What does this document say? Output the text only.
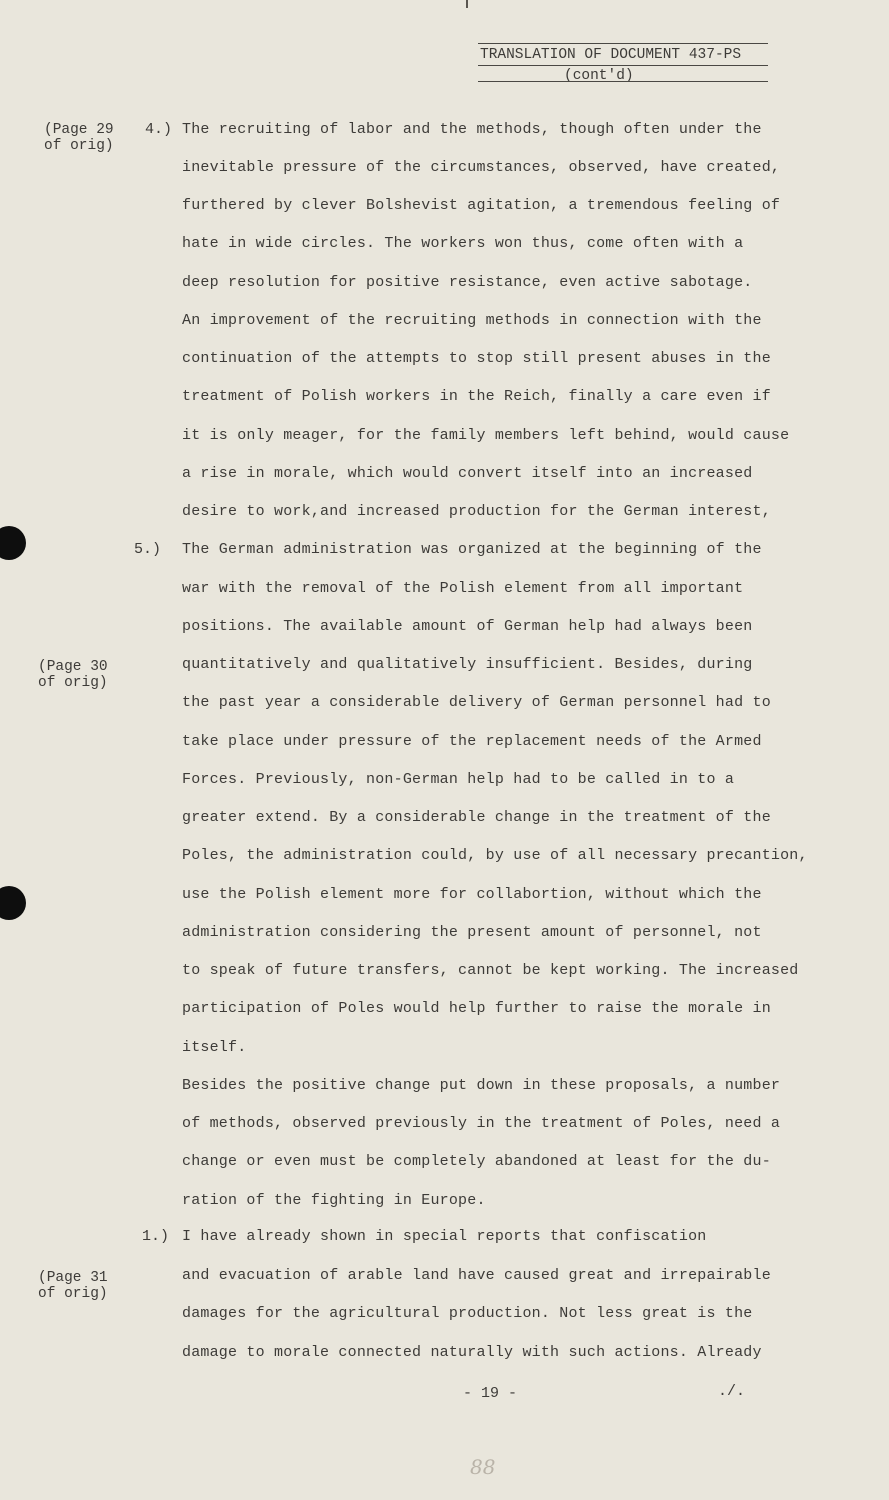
TRANSLATION OF DOCUMENT 437-PS
(cont'd)
(Page 29
of orig)
(Page 30
of orig)
(Page 31
of orig)
4.)
5.)
1.)
The recruiting of labor and the methods, though often under the
inevitable pressure of the circumstances, observed, have created,
furthered by clever Bolshevist agitation, a tremendous feeling of
hate in wide circles. The workers won thus, come often with a
deep resolution for positive resistance, even active sabotage.
An improvement of the recruiting methods in connection with the
continuation of the attempts to stop still present abuses in the
treatment of Polish workers in the Reich, finally a care even if
it is only meager, for the family members left behind, would cause
a rise in morale, which would convert itself into an increased
desire to work,and increased production for the German interest,
The German administration was organized at the beginning of the
war with the removal of the Polish element from all important
positions. The available amount of German help had always been
quantitatively and qualitatively insufficient. Besides, during
the past year a considerable delivery of German personnel had to
take place under pressure of the replacement needs of the Armed
Forces. Previously, non-German help had to be called in to a
greater extend. By a considerable change in the treatment of the
Poles, the administration could, by use of all necessary precantion,
use the Polish element more for collabortion, without which the
administration considering the present amount of personnel, not
to speak of future transfers, cannot be kept working. The increased
participation of Poles would help further to raise the morale in
itself.
Besides the positive change put down in these proposals, a number
of methods, observed previously in the treatment of Poles, need a
change or even must be completely abandoned at least for the du-
ration of the fighting in Europe.
I have already shown in special reports that confiscation
and evacuation of arable land have caused great and irrepairable
damages for the agricultural production. Not less great is the
damage to morale connected naturally with such actions. Already
- 19 -	./.
88
